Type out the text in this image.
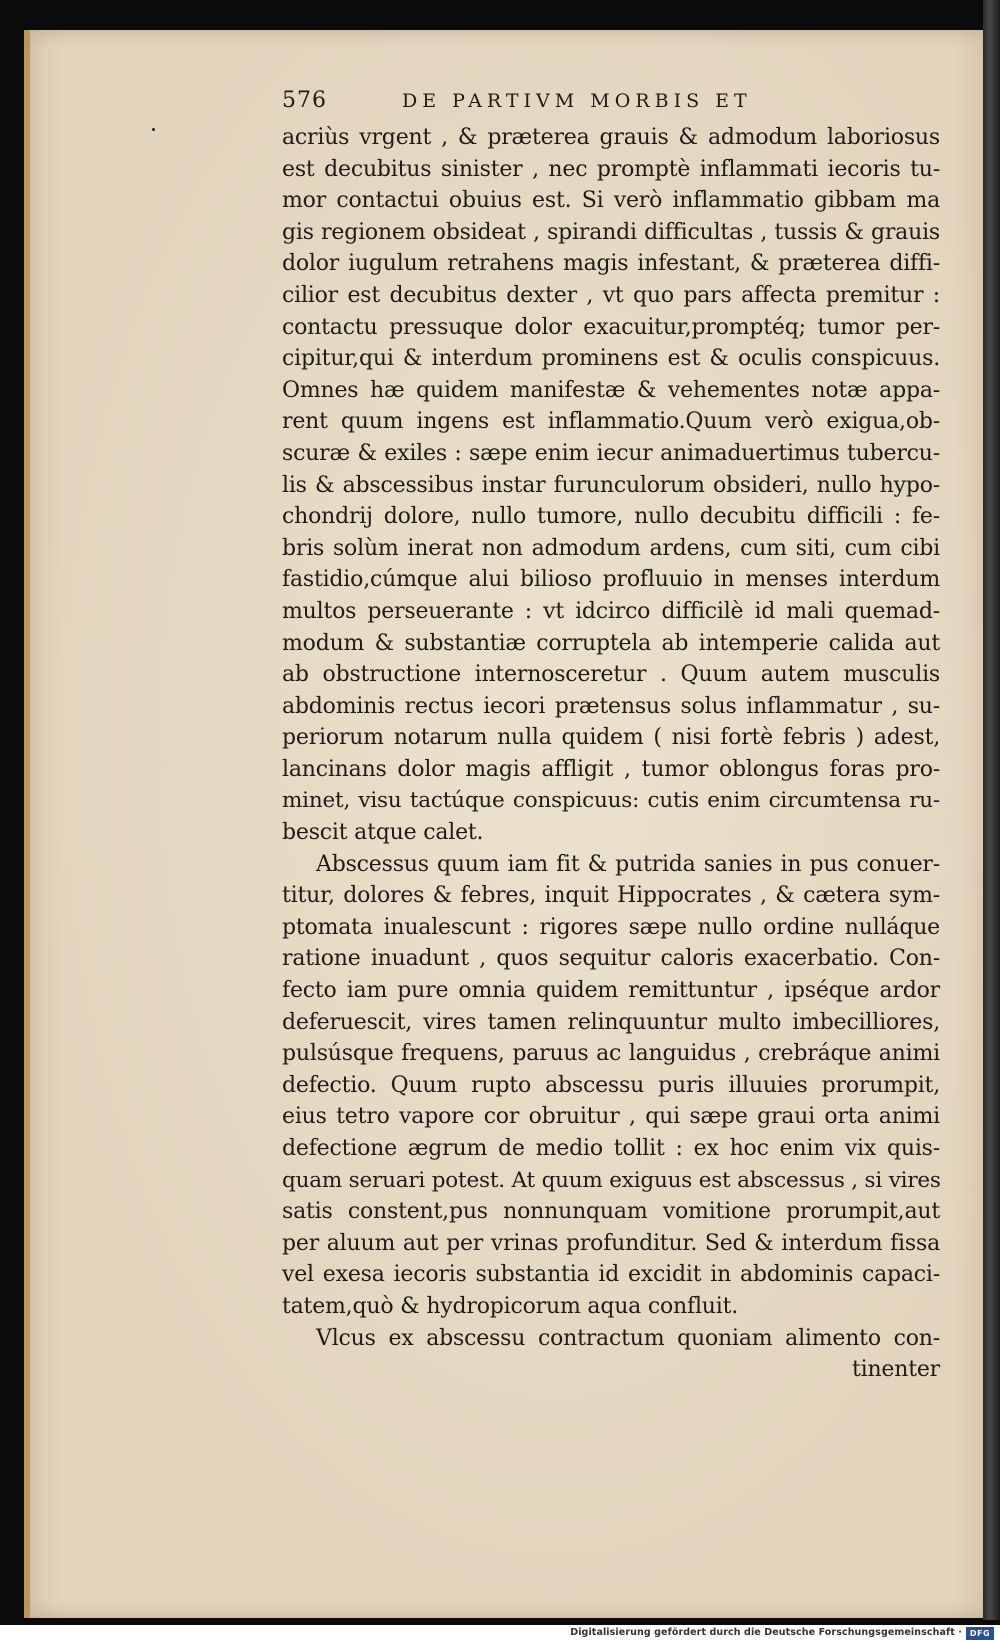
576	DE PARTIVM MORBIS ET
acriùs vrgent , & præterea grauis & admodum laboriosus
est decubitus sinister , nec promptè inflammati iecoris tu-
mor contactui obuius est. Si verò inflammatio gibbam ma
gis regionem obsideat , spirandi difficultas , tussis & grauis
dolor iugulum retrahens magis infestant, & præterea diffi-
cilior est decubitus dexter , vt quo pars affecta premitur :
contactu pressuque dolor exacuitur,promptéq; tumor per-
cipitur,qui & interdum prominens est & oculis conspicuus.
Omnes hæ quidem manifestæ & vehementes notæ appa-
rent quum ingens est inflammatio.Quum verò exigua,ob-
scuræ & exiles : sæpe enim iecur animaduertimus tubercu-
lis & abscessibus instar furunculorum obsideri, nullo hypo-
chondrij dolore, nullo tumore, nullo decubitu difficili : fe-
bris solùm inerat non admodum ardens, cum siti, cum cibi
fastidio,cúmque alui bilioso profluuio in menses interdum
multos perseuerante : vt idcirco difficilè id mali quemad-
modum & substantiæ corruptela ab intemperie calida aut
ab obstructione internosceretur . Quum autem musculis
abdominis rectus iecori prætensus solus inflammatur , su-
periorum notarum nulla quidem ( nisi fortè febris ) adest,
lancinans dolor magis affligit , tumor oblongus foras pro-
minet, visu tactúque conspicuus: cutis enim circumtensa ru-
bescit atque calet.
Abscessus quum iam fit & putrida sanies in pus conuer-
titur, dolores & febres, inquit Hippocrates , & cætera sym-
ptomata inualescunt : rigores sæpe nullo ordine nulláque
ratione inuadunt , quos sequitur caloris exacerbatio. Con-
fecto iam pure omnia quidem remittuntur , ipséque ardor
deferuescit, vires tamen relinquuntur multo imbecilliores,
pulsúsque frequens, paruus ac languidus , crebráque animi
defectio. Quum rupto abscessu puris illuuies prorumpit,
eius tetro vapore cor obruitur , qui sæpe graui orta animi
defectione ægrum de medio tollit : ex hoc enim vix quis-
quam seruari potest. At quum exiguus est abscessus , si vires
satis constent,pus nonnunquam vomitione prorumpit,aut
per aluum aut per vrinas profunditur. Sed & interdum fissa
vel exesa iecoris substantia id excidit in abdominis capaci-
tatem,quò & hydropicorum aqua confluit.
Vlcus ex abscessu contractum quoniam alimento con-
tinenter
Digitalisierung gefördert durch die Deutsche Forschungsgemeinschaft · DFG
